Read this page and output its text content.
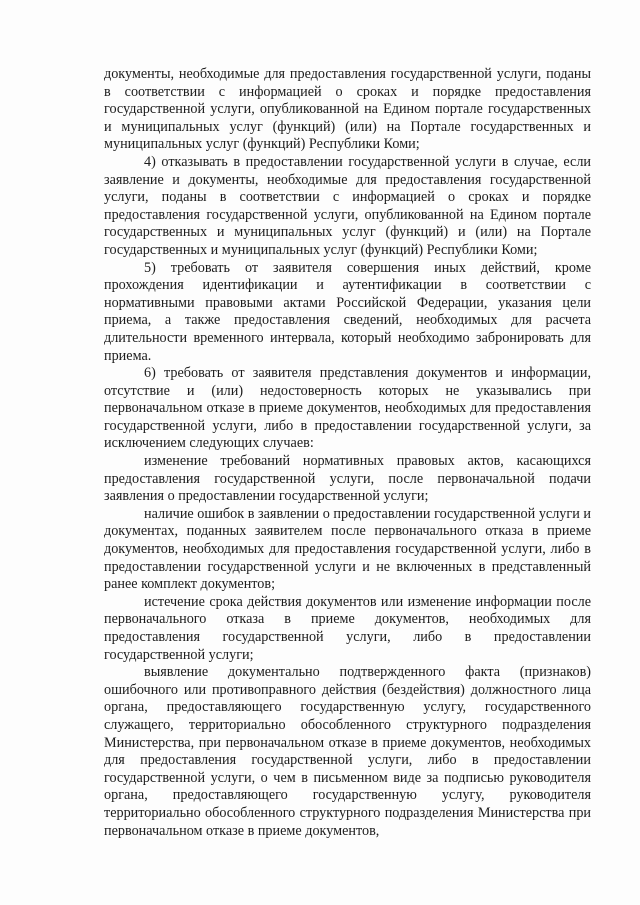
документы, необходимые для предоставления государственной услуги, поданы в соответствии с информацией о сроках и порядке предоставления государственной услуги, опубликованной на Едином портале государственных и муниципальных услуг (функций) (или) на Портале государственных и муниципальных услуг (функций) Республики Коми;

4) отказывать в предоставлении государственной услуги в случае, если заявление и документы, необходимые для предоставления государственной услуги, поданы в соответствии с информацией о сроках и порядке предоставления государственной услуги, опубликованной на Едином портале государственных и муниципальных услуг (функций) и (или) на Портале государственных и муниципальных услуг (функций) Республики Коми;

5) требовать от заявителя совершения иных действий, кроме прохождения идентификации и аутентификации в соответствии с нормативными правовыми актами Российской Федерации, указания цели приема, а также предоставления сведений, необходимых для расчета длительности временного интервала, который необходимо забронировать для приема.

6) требовать от заявителя представления документов и информации, отсутствие и (или) недостоверность которых не указывались при первоначальном отказе в приеме документов, необходимых для предоставления государственной услуги, либо в предоставлении государственной услуги, за исключением следующих случаев:

изменение требований нормативных правовых актов, касающихся предоставления государственной услуги, после первоначальной подачи заявления о предоставлении государственной услуги;

наличие ошибок в заявлении о предоставлении государственной услуги и документах, поданных заявителем после первоначального отказа в приеме документов, необходимых для предоставления государственной услуги, либо в предоставлении государственной услуги и не включенных в представленный ранее комплект документов;

истечение срока действия документов или изменение информации после первоначального отказа в приеме документов, необходимых для предоставления государственной услуги, либо в предоставлении государственной услуги;

выявление документально подтвержденного факта (признаков) ошибочного или противоправного действия (бездействия) должностного лица органа, предоставляющего государственную услугу, государственного служащего, территориально обособленного структурного подразделения Министерства, при первоначальном отказе в приеме документов, необходимых для предоставления государственной услуги, либо в предоставлении государственной услуги, о чем в письменном виде за подписью руководителя органа, предоставляющего государственную услугу, руководителя территориально обособленного структурного подразделения Министерства при первоначальном отказе в приеме документов,
